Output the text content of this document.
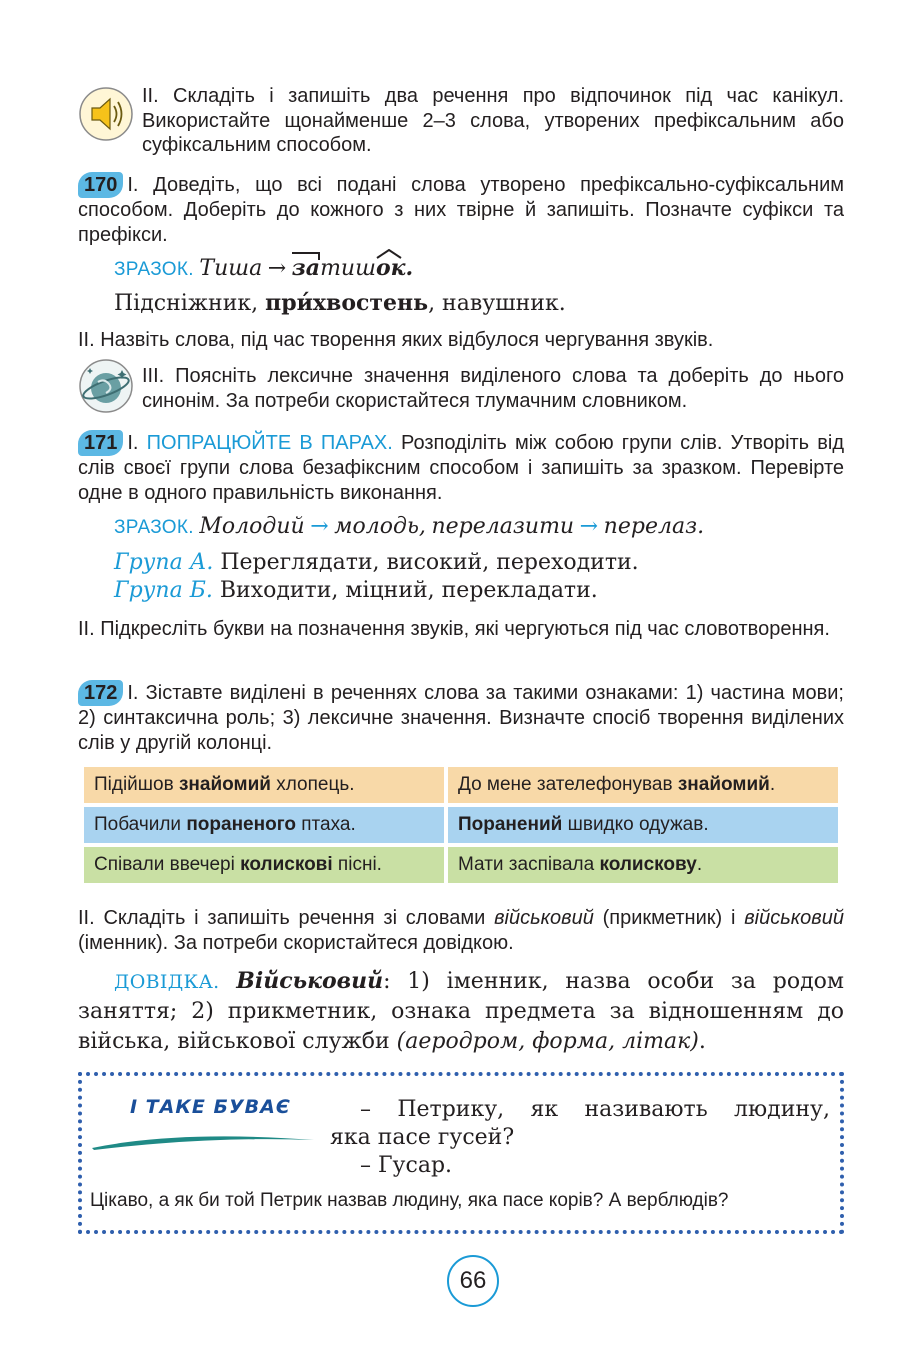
II. Складіть і запишіть два речення про відпочинок під час канікул. Використайте щонайменше 2–3 слова, утворених префіксальним або суфіксальним способом.
170 I. Доведіть, що всі подані слова утворено префіксально-суфіксальним способом. Доберіть до кожного з них твірне й запишіть. Позначте суфікси та префікси.
ЗРАЗОК. Тиша → за
тишок
.
Підсніжник, прихвостень, навушник.
II. Назвіть слова, під час творення яких відбулося чергування звуків.
III. Поясніть лексичне значення виділеного слова та доберіть до нього синонім. За потреби скористайтеся тлумачним словником.
171 I. ПОПРАЦЮЙТЕ В ПАРАХ. Розподіліть між собою групи слів. Утворіть від слів своєї групи слова безафіксним способом і запишіть за зразком. Перевірте одне в одного правильність виконання.
ЗРАЗОК. Молодий → молодь, перелазити → перелаз.
Група А. Переглядати, високий, переходити.
Група Б. Виходити, міцний, перекладати.
II. Підкресліть букви на позначення звуків, які чергуються під час словотворення.
172 I. Зіставте виділені в реченнях слова за такими ознаками: 1) частина мови; 2) синтаксична роль; 3) лексичне значення. Визначте спосіб творення виділених слів у другій колонці.
Підійшов знайомий хлопець.	До мене зателефонував знайомий.
Побачили пораненого птаха.	Поранений швидко одужав.
Співали ввечері колискові пісні.	Мати заспівала колискову.
II. Складіть і запишіть речення зі словами військовий (прикметник) і військовий (іменник). За потреби скористайтеся довідкою.
ДОВІДКА. Військовий: 1) іменник, назва особи за родом заняття; 2) прикметник, ознака предмета за відношенням до війська, військової служби (аеродром, форма, літак).
І ТАКЕ БУВАЄ	– Петрику, як називають людину,
яка пасе гусей?
– Гусар.
Цікаво, а як би той Петрик назвав людину, яка пасе корів? А верблюдів?
66
